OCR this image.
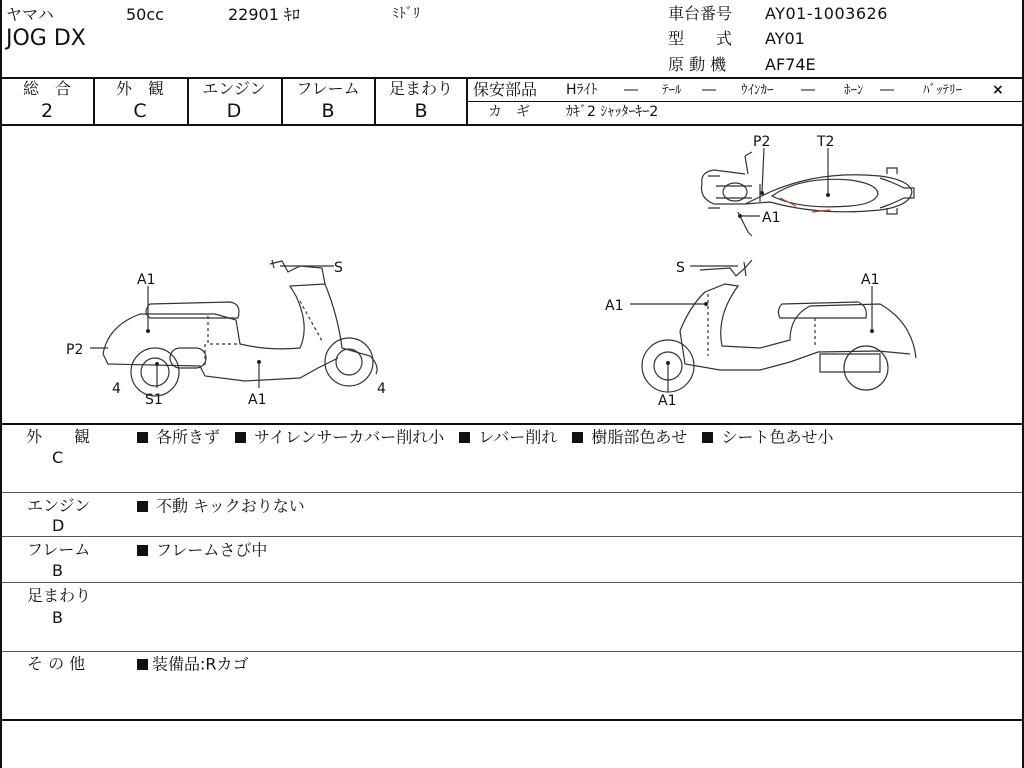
ヤマハ	50cc	22901 ｷﾛ	ﾐﾄﾞﾘ
JOG DX
車台番号 AY01-1003626
型　　式 AY01
原 動 機 AF74E
総　合
2
外　観
C
エンジン
D
フレーム
B
足まわり
B
保安部品 Hﾗｲﾄ ― ﾃｰﾙ ― ｳｲﾝｶｰ ― ﾎｰﾝ ― ﾊﾞｯﾃﾘｰ ×
カ　ギ	ｶｷﾞ2 ｼｬｯﾀｰｷｰ2
P2	T2
A1
A1
S
P2
4
S1	A1
4
S
A1
A1
A1
外　　観
C
各所きず サイレンサーカバー削れ小 レバー削れ 樹脂部色あせ シート色あせ小
エンジン
D
不動 キックおりない
フレーム
B
フレームさび中
足まわり
B
そ の 他	装備品:Rカゴ
